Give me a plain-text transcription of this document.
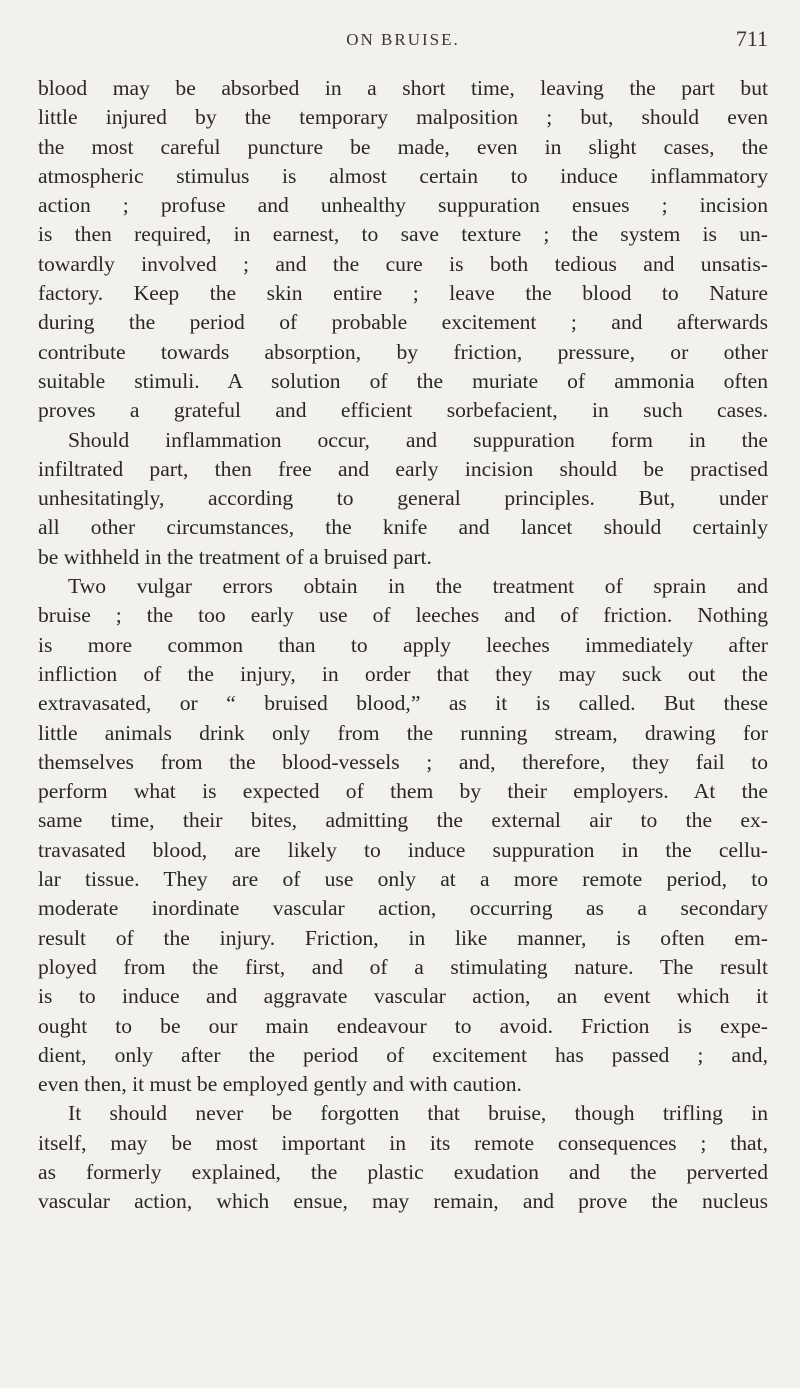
ON BRUISE.	711

blood may be absorbed in a short time, leaving the part but
little injured by the temporary malposition ; but, should even
the most careful puncture be made, even in slight cases, the
atmospheric stimulus is almost certain to induce inflammatory
action ; profuse and unhealthy suppuration ensues ; incision
is then required, in earnest, to save texture ; the system is un-
towardly involved ; and the cure is both tedious and unsatis-
factory. Keep the skin entire ; leave the blood to Nature
during the period of probable excitement ; and afterwards
contribute towards absorption, by friction, pressure, or other
suitable stimuli. A solution of the muriate of ammonia often
proves a grateful and efficient sorbefacient, in such cases.
Should inflammation occur, and suppuration form in the
infiltrated part, then free and early incision should be practised
unhesitatingly, according to general principles. But, under
all other circumstances, the knife and lancet should certainly
be withheld in the treatment of a bruised part.

Two vulgar errors obtain in the treatment of sprain and
bruise ; the too early use of leeches and of friction. Nothing
is more common than to apply leeches immediately after
infliction of the injury, in order that they may suck out the
extravasated, or “ bruised blood,” as it is called. But these
little animals drink only from the running stream, drawing for
themselves from the blood-vessels ; and, therefore, they fail to
perform what is expected of them by their employers. At the
same time, their bites, admitting the external air to the ex-
travasated blood, are likely to induce suppuration in the cellu-
lar tissue. They are of use only at a more remote period, to
moderate inordinate vascular action, occurring as a secondary
result of the injury. Friction, in like manner, is often em-
ployed from the first, and of a stimulating nature. The result
is to induce and aggravate vascular action, an event which it
ought to be our main endeavour to avoid. Friction is expe-
dient, only after the period of excitement has passed ; and,
even then, it must be employed gently and with caution.

It should never be forgotten that bruise, though trifling in
itself, may be most important in its remote consequences ; that,
as formerly explained, the plastic exudation and the perverted
vascular action, which ensue, may remain, and prove the nucleus
